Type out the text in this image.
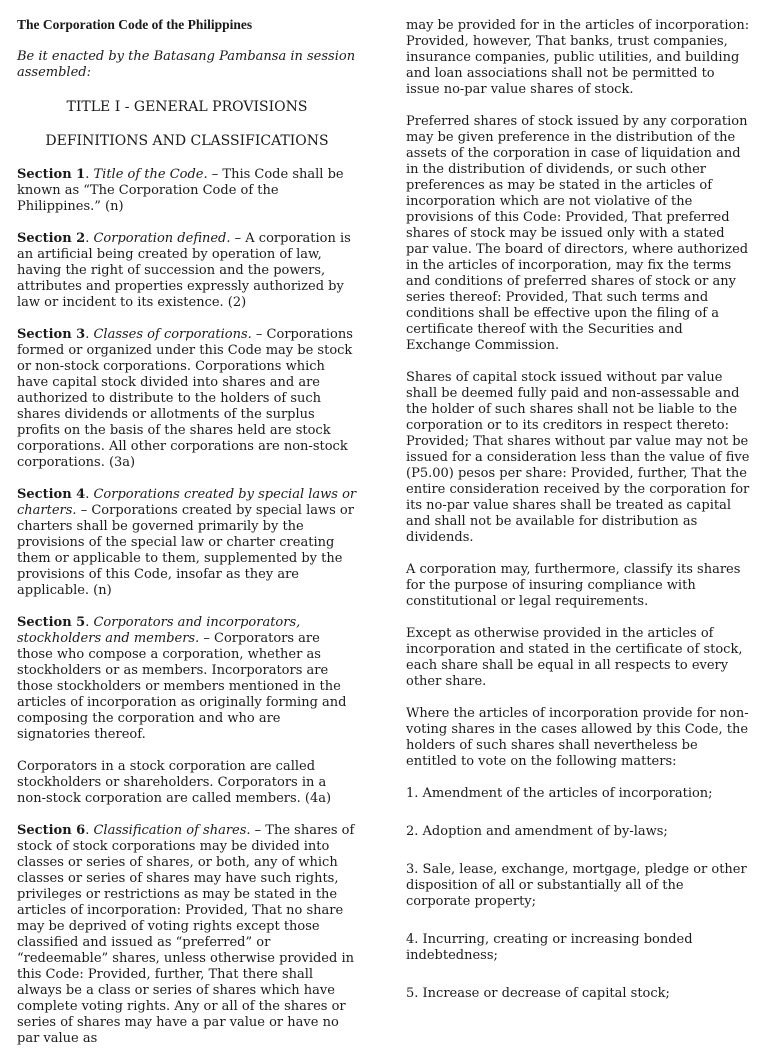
The Corporation Code of the Philippines

Be it enacted by the Batasang Pambansa in session assembled:

TITLE I - GENERAL PROVISIONS

DEFINITIONS AND CLASSIFICATIONS

Section 1. Title of the Code. – This Code shall be known as “The Corporation Code of the Philippines.” (n)

Section 2. Corporation defined. – A corporation is an artificial being created by operation of law, having the right of succession and the powers, attributes and properties expressly authorized by law or incident to its existence. (2)

Section 3. Classes of corporations. – Corporations formed or organized under this Code may be stock or non-stock corporations. Corporations which have capital stock divided into shares and are authorized to distribute to the holders of such shares dividends or allotments of the surplus profits on the basis of the shares held are stock corporations. All other corporations are non-stock corporations. (3a)

Section 4. Corporations created by special laws or charters. – Corporations created by special laws or charters shall be governed primarily by the provisions of the special law or charter creating them or applicable to them, supplemented by the provisions of this Code, insofar as they are applicable. (n)

Section 5. Corporators and incorporators, stockholders and members. – Corporators are those who compose a corporation, whether as stockholders or as members. Incorporators are those stockholders or members mentioned in the articles of incorporation as originally forming and composing the corporation and who are signatories thereof.

Corporators in a stock corporation are called stockholders or shareholders. Corporators in a non-stock corporation are called members. (4a)

Section 6. Classification of shares. – The shares of stock of stock corporations may be divided into classes or series of shares, or both, any of which classes or series of shares may have such rights, privileges or restrictions as may be stated in the articles of incorporation: Provided, That no share may be deprived of voting rights except those classified and issued as “preferred” or “redeemable” shares, unless otherwise provided in this Code: Provided, further, That there shall always be a class or series of shares which have complete voting rights. Any or all of the shares or series of shares may have a par value or have no par value as

may be provided for in the articles of incorporation: Provided, however, That banks, trust companies, insurance companies, public utilities, and building and loan associations shall not be permitted to issue no-par value shares of stock.

Preferred shares of stock issued by any corporation may be given preference in the distribution of the assets of the corporation in case of liquidation and in the distribution of dividends, or such other preferences as may be stated in the articles of incorporation which are not violative of the provisions of this Code: Provided, That preferred shares of stock may be issued only with a stated par value. The board of directors, where authorized in the articles of incorporation, may fix the terms and conditions of preferred shares of stock or any series thereof: Provided, That such terms and conditions shall be effective upon the filing of a certificate thereof with the Securities and Exchange Commission.

Shares of capital stock issued without par value shall be deemed fully paid and non-assessable and the holder of such shares shall not be liable to the corporation or to its creditors in respect thereto: Provided; That shares without par value may not be issued for a consideration less than the value of five (P5.00) pesos per share: Provided, further, That the entire consideration received by the corporation for its no-par value shares shall be treated as capital and shall not be available for distribution as dividends.

A corporation may, furthermore, classify its shares for the purpose of insuring compliance with constitutional or legal requirements.

Except as otherwise provided in the articles of incorporation and stated in the certificate of stock, each share shall be equal in all respects to every other share.

Where the articles of incorporation provide for non-voting shares in the cases allowed by this Code, the holders of such shares shall nevertheless be entitled to vote on the following matters:

1. Amendment of the articles of incorporation;

2. Adoption and amendment of by-laws;

3. Sale, lease, exchange, mortgage, pledge or other disposition of all or substantially all of the corporate property;

4. Incurring, creating or increasing bonded indebtedness;

5. Increase or decrease of capital stock;
